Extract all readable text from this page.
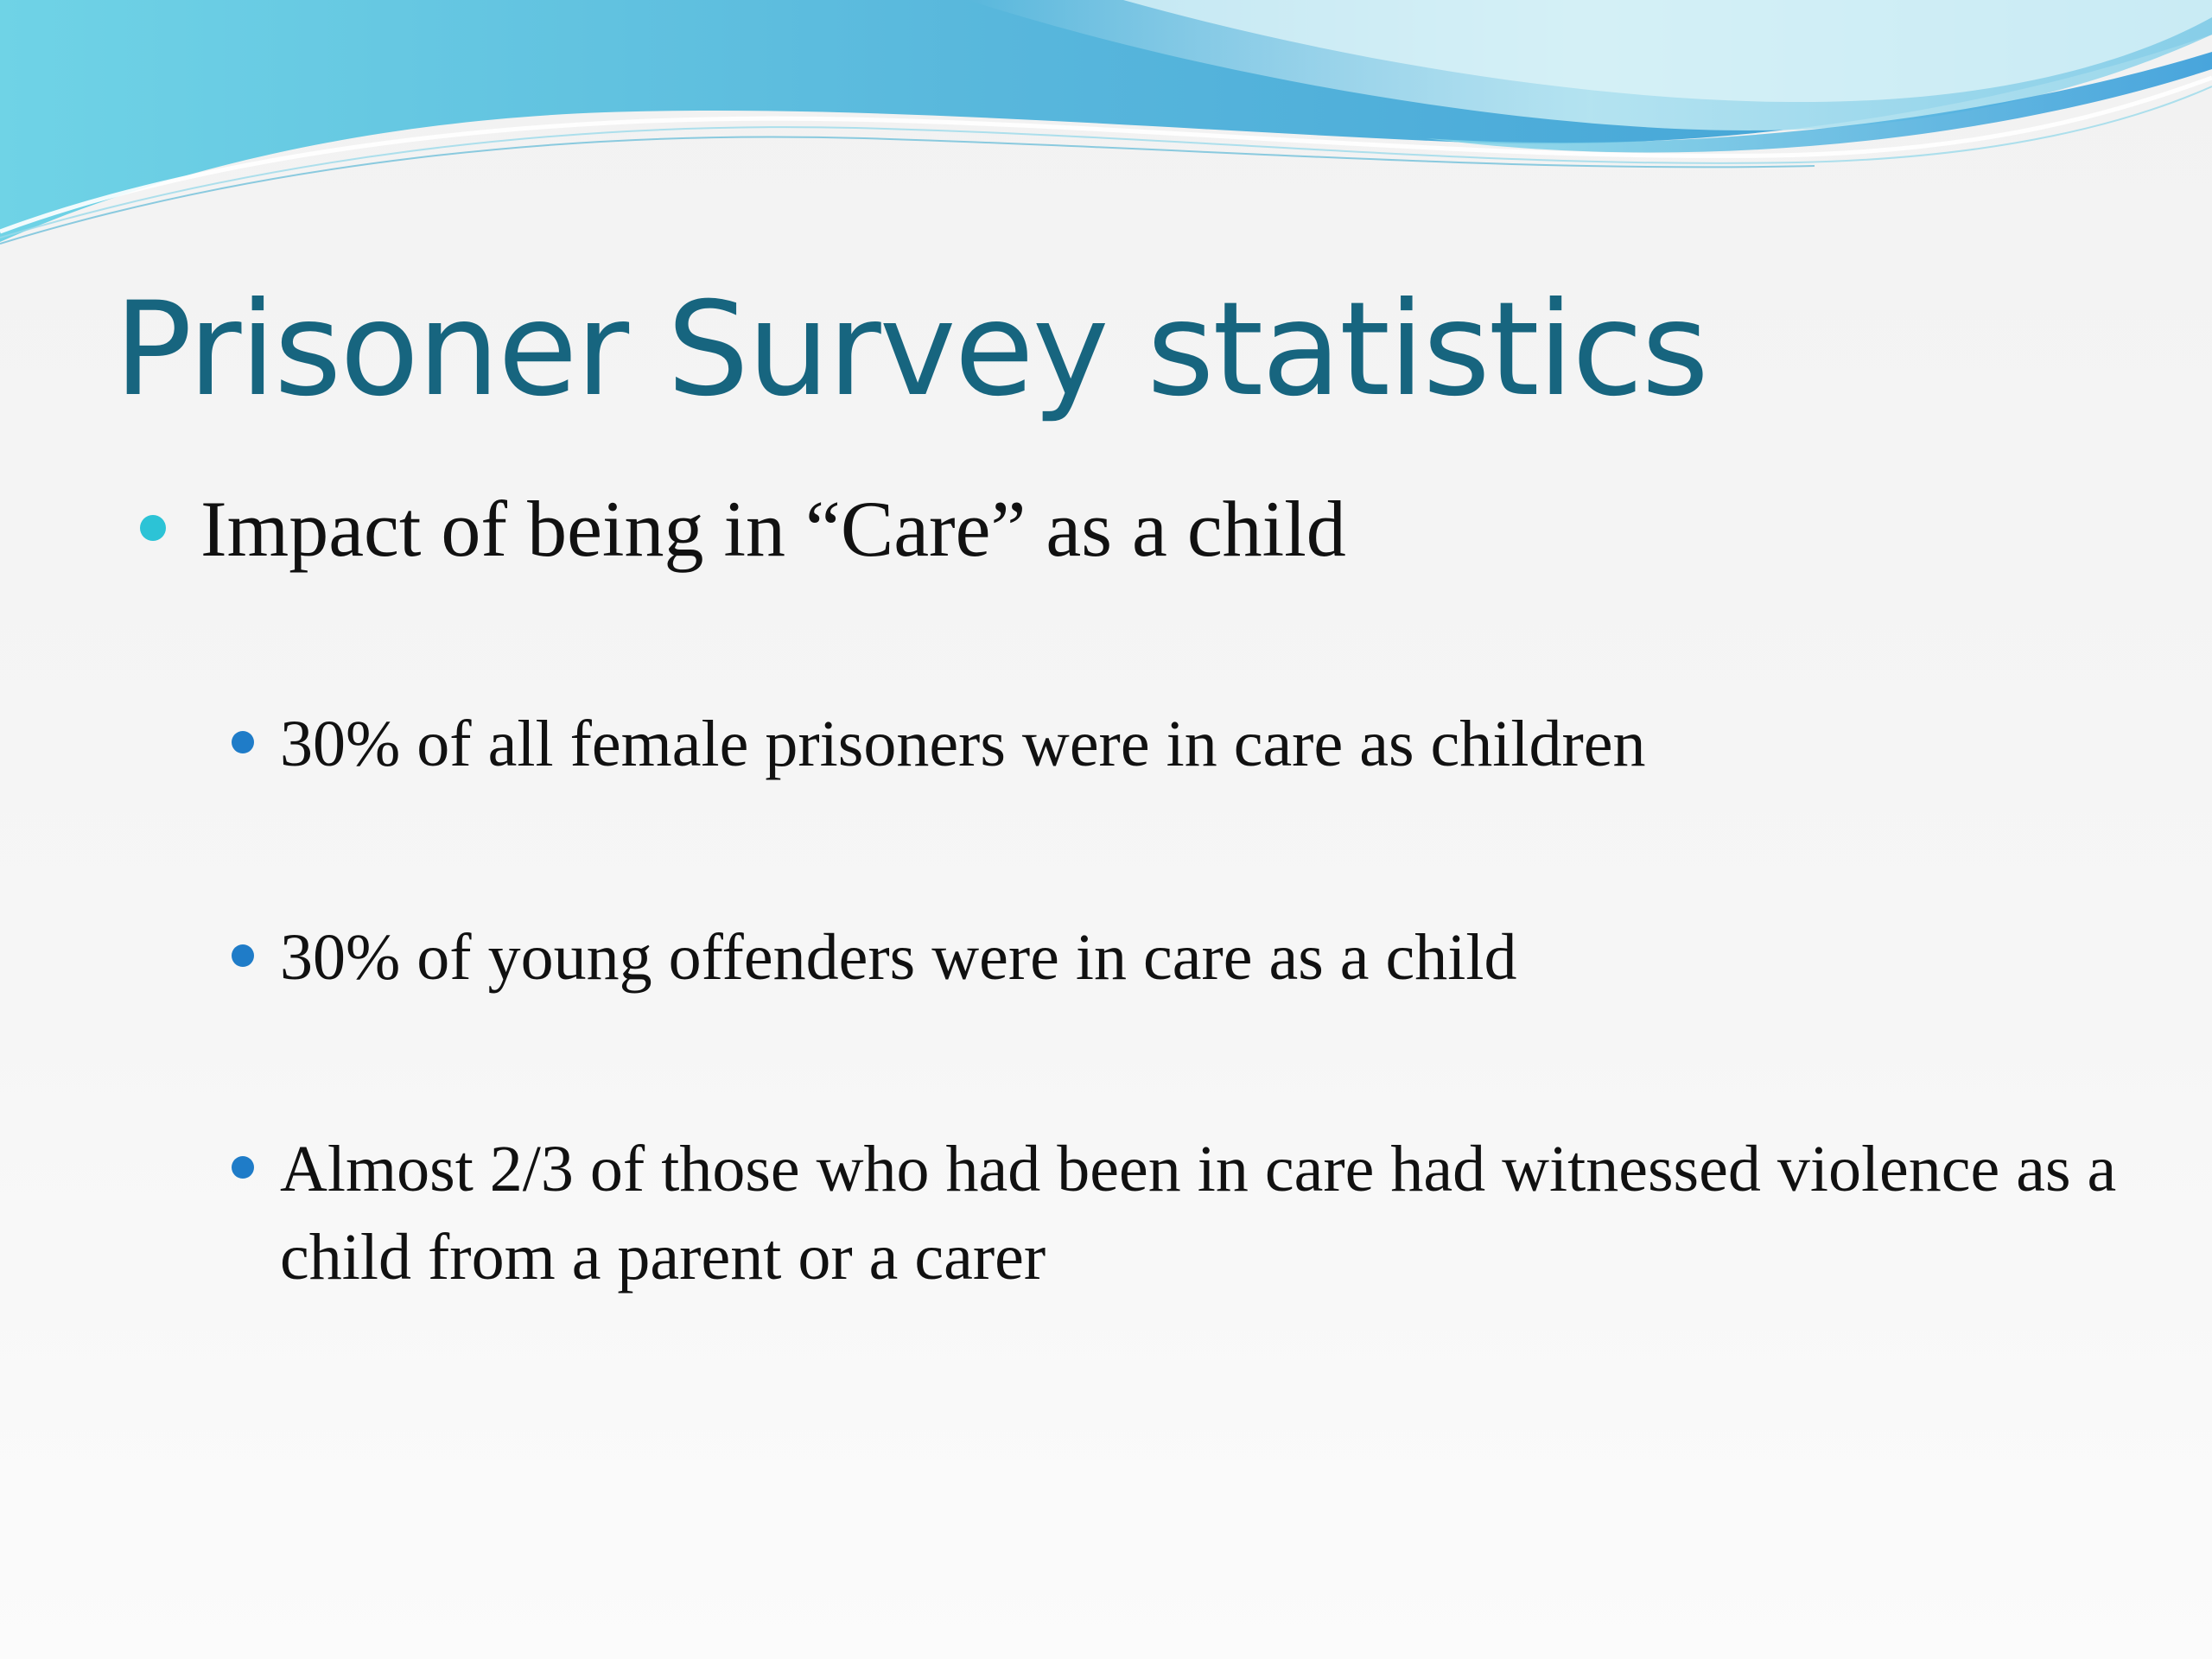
Prisoner Survey statistics
Impact of being in “Care” as a child
30% of all female prisoners were in care as children
30% of young offenders were in care as a child
Almost 2/3 of those who had been in care had witnessed violence as a child from a parent or a carer
